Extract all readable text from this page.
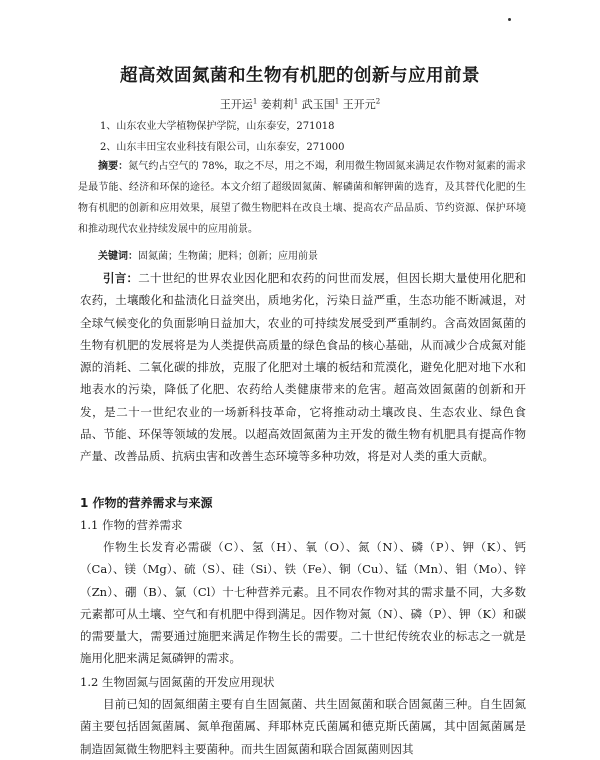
超高效固氮菌和生物有机肥的创新与应用前景
王开运$^1$ 姜莉莉$^1$ 武玉国$^1$ 王开元$^2$
1、山东农业大学植物保护学院，山东泰安，271018
2、山东丰田宝农业科技有限公司，山东泰安，271000
摘要：氮气约占空气的 78%，取之不尽，用之不竭，利用微生物固氮来满足农作物对氮素的需求是最节能、经济和环保的途径。本文介绍了超级固氮菌、解磷菌和解钾菌的选育，及其替代化肥的生物有机肥的创新和应用效果，展望了微生物肥料在改良土壤、提高农产品品质、节约资源、保护环境和推动现代农业持续发展中的应用前景。
关键词：固氮菌；生物菌；肥料；创新；应用前景
引言：二十世纪的世界农业因化肥和农药的问世而发展，但因长期大量使用化肥和农药，土壤酸化和盐渍化日益突出，质地劣化，污染日益严重，生态功能不断减退，对全球气候变化的负面影响日益加大，农业的可持续发展受到严重制约。含高效固氮菌的生物有机肥的发展将是为人类提供高质量的绿色食品的核心基础，从而减少合成氮对能源的消耗、二氧化碳的排放，克服了化肥对土壤的板结和荒漠化，避免化肥对地下水和地表水的污染，降低了化肥、农药给人类健康带来的危害。超高效固氮菌的创新和开发，是二十一世纪农业的一场新科技革命，它将推动动土壤改良、生态农业、绿色食品、节能、环保等领域的发展。以超高效固氮菌为主开发的微生物有机肥具有提高作物产量、改善品质、抗病虫害和改善生态环境等多种功效，将是对人类的重大贡献。
1 作物的营养需求与来源
1.1 作物的营养需求
作物生长发育必需碳（C）、氢（H）、氧（O）、氮（N）、磷（P）、钾（K）、钙（Ca）、镁（Mg）、硫（S）、硅（Si）、铁（Fe）、铜（Cu）、锰（Mn）、钼（Mo）、锌（Zn）、硼（B）、氯（Cl）十七种营养元素。且不同农作物对其的需求量不同，大多数元素都可从土壤、空气和有机肥中得到满足。因作物对氮（N）、磷（P）、钾（K）和碳的需要量大，需要通过施肥来满足作物生长的需要。二十世纪传统农业的标志之一就是施用化肥来满足氮磷钾的需求。
1.2 生物固氮与固氮菌的开发应用现状
目前已知的固氮细菌主要有自生固氮菌、共生固氮菌和联合固氮菌三种。自生固氮菌主要包括固氮菌属、氮单孢菌属、拜耶林克氏菌属和德克斯氏菌属，其中固氮菌属是制造固氮微生物肥料主要菌种。而共生固氮菌和联合固氮菌则因其
